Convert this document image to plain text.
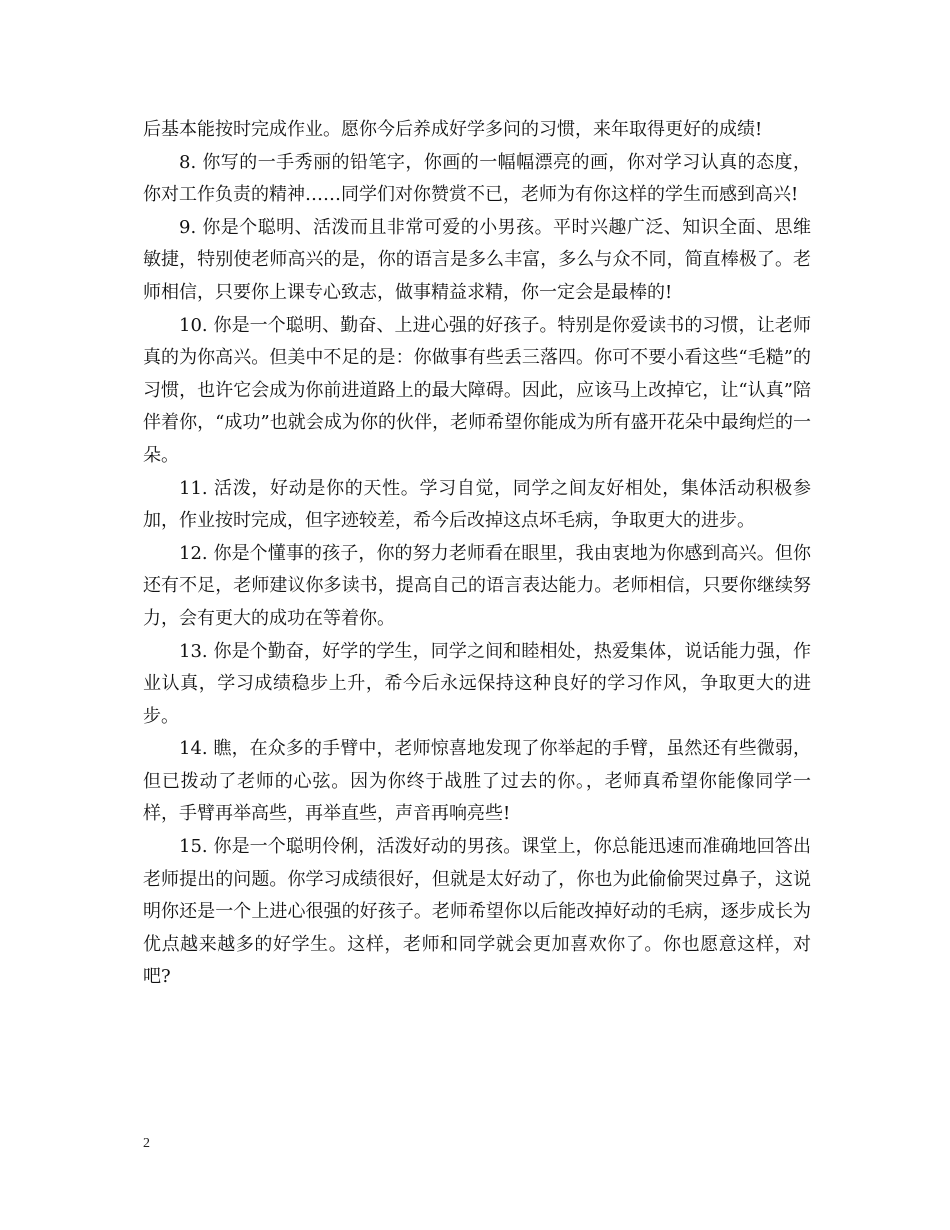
后基本能按时完成作业。愿你今后养成好学多问的习惯，来年取得更好的成绩!

8. 你写的一手秀丽的铅笔字，你画的一幅幅漂亮的画，你对学习认真的态度，你对工作负责的精神……同学们对你赞赏不已，老师为有你这样的学生而感到高兴!

9. 你是个聪明、活泼而且非常可爱的小男孩。平时兴趣广泛、知识全面、思维敏捷，特别使老师高兴的是，你的语言是多么丰富，多么与众不同，简直棒极了。老师相信，只要你上课专心致志，做事精益求精，你一定会是最棒的!

10. 你是一个聪明、勤奋、上进心强的好孩子。特别是你爱读书的习惯，让老师真的为你高兴。但美中不足的是：你做事有些丢三落四。你可不要小看这些“毛糙”的习惯，也许它会成为你前进道路上的最大障碍。因此，应该马上改掉它，让“认真”陪伴着你，“成功”也就会成为你的伙伴，老师希望你能成为所有盛开花朵中最绚烂的一朵。

11. 活泼，好动是你的天性。学习自觉，同学之间友好相处，集体活动积极参加，作业按时完成，但字迹较差，希今后改掉这点坏毛病，争取更大的进步。

12. 你是个懂事的孩子，你的努力老师看在眼里，我由衷地为你感到高兴。但你还有不足，老师建议你多读书，提高自己的语言表达能力。老师相信，只要你继续努力，会有更大的成功在等着你。

13. 你是个勤奋，好学的学生，同学之间和睦相处，热爱集体，说话能力强，作业认真，学习成绩稳步上升，希今后永远保持这种良好的学习作风，争取更大的进步。

14. 瞧，在众多的手臂中，老师惊喜地发现了你举起的手臂，虽然还有些微弱，但已拨动了老师的心弦。因为你终于战胜了过去的你。，老师真希望你能像同学一样，手臂再举高些，再举直些，声音再响亮些!

15. 你是一个聪明伶俐，活泼好动的男孩。课堂上，你总能迅速而准确地回答出老师提出的问题。你学习成绩很好，但就是太好动了，你也为此偷偷哭过鼻子，这说明你还是一个上进心很强的好孩子。老师希望你以后能改掉好动的毛病，逐步成长为优点越来越多的好学生。这样，老师和同学就会更加喜欢你了。你也愿意这样，对吧?

2
